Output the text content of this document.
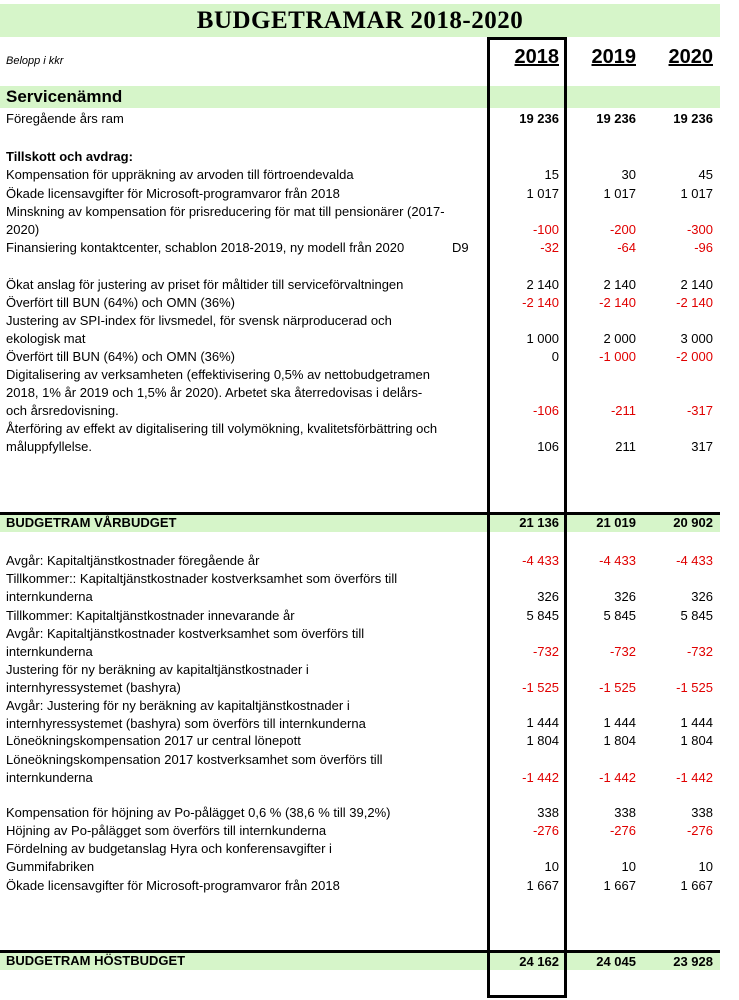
BUDGETRAMAR 2018-2020
Belopp i kkr	2018	2019	2020
Servicenämnd
Föregående års ram	19 236	19 236	19 236
Tillskott och avdrag:
Kompensation för uppräkning av arvoden till förtroendevalda	15	30	45
Ökade licensavgifter för Microsoft-programvaror från 2018	1 017	1 017	1 017
Minskning av kompensation för prisreducering för mat till pensionärer (2017-2020)	-100	-200	-300
Finansiering kontaktcenter, schablon 2018-2019, ny modell från 2020	D9	-32	-64	-96
Ökat anslag för justering av priset för måltider till serviceförvaltningen	2 140	2 140	2 140
Överfört till BUN (64%) och OMN (36%)	-2 140	-2 140	-2 140
Justering av SPI-index för livsmedel, för svensk närproducerad och ekologisk mat	1 000	2 000	3 000
Överfört till BUN (64%) och OMN (36%)	0	-1 000	-2 000
Digitalisering av verksamheten (effektivisering 0,5% av nettobudgetramen 2018, 1% år 2019 och 1,5% år 2020). Arbetet ska återredovisas i delårs- och årsredovisning.	-106	-211	-317
Återföring av effekt av digitalisering till volymökning, kvalitetsförbättring och måluppfyllelse.	106	211	317
BUDGETRAM VÅRBUDGET	21 136	21 019	20 902
Avgår: Kapitaltjänstkostnader föregående år	-4 433	-4 433	-4 433
Tillkommer:: Kapitaltjänstkostnader kostverksamhet som överförs till internkunderna	326	326	326
Tillkommer: Kapitaltjänstkostnader innevarande år	5 845	5 845	5 845
Avgår: Kapitaltjänstkostnader kostverksamhet som överförs till internkunderna	-732	-732	-732
Justering för ny beräkning av kapitaltjänstkostnader i internhyressystemet (bashyra)	-1 525	-1 525	-1 525
Avgår: Justering för ny beräkning av kapitaltjänstkostnader i internhyressystemet (bashyra) som överförs till internkunderna	1 444	1 444	1 444
Löneökningskompensation 2017 ur central lönepott	1 804	1 804	1 804
Löneökningskompensation 2017 kostverksamhet som överförs till internkunderna	-1 442	-1 442	-1 442
Kompensation för höjning av Po-pålägget 0,6 % (38,6 % till 39,2%)	338	338	338
Höjning av Po-pålägget som överförs till internkunderna	-276	-276	-276
Fördelning av budgetanslag Hyra och konferensavgifter i Gummifabriken	10	10	10
Ökade licensavgifter för Microsoft-programvaror från 2018	1 667	1 667	1 667
BUDGETRAM HÖSTBUDGET	24 162	24 045	23 928
